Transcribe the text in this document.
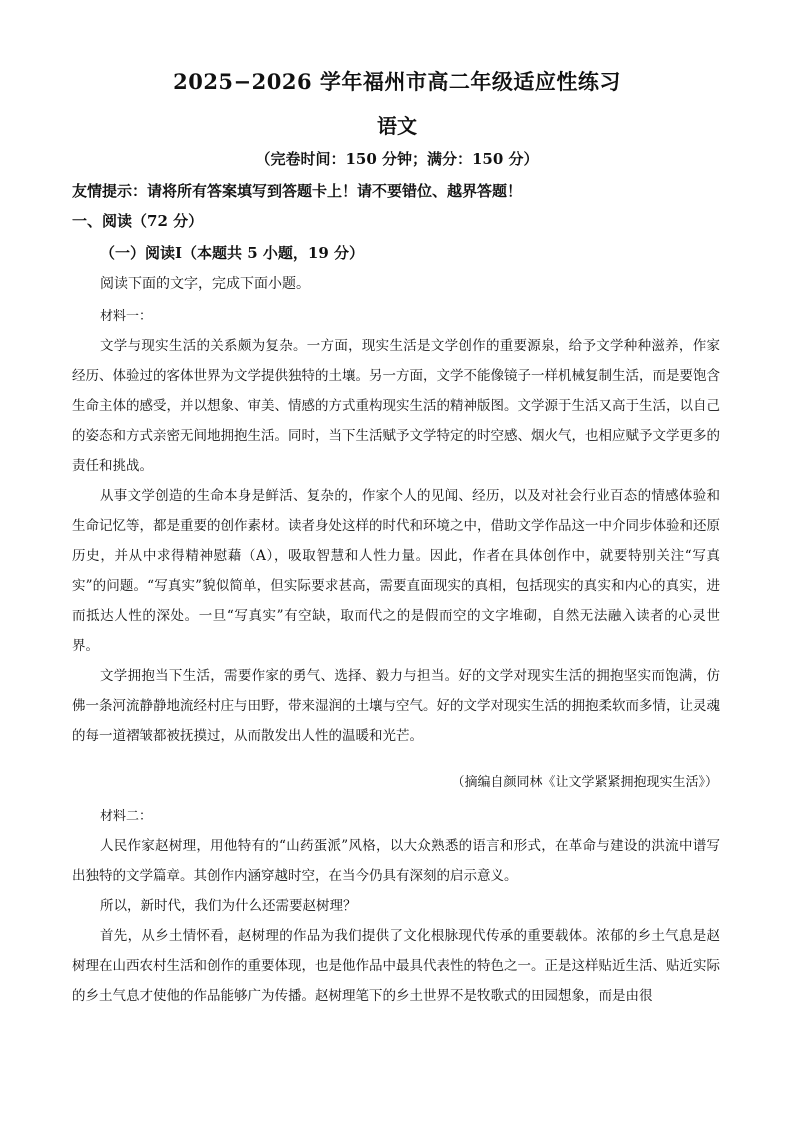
2025−2026 学年福州市高二年级适应性练习
语文
（完卷时间：150 分钟；满分：150 分）
友情提示：请将所有答案填写到答题卡上！请不要错位、越界答题！
一、阅读（72 分）
（一）阅读Ⅰ（本题共 5 小题，19 分）
阅读下面的文字，完成下面小题。
材料一：

文学与现实生活的关系颇为复杂。一方面，现实生活是文学创作的重要源泉，给予文学种种滋养，作家经历、体验过的客体世界为文学提供独特的土壤。另一方面，文学不能像镜子一样机械复制生活，而是要饱含生命主体的感受，并以想象、审美、情感的方式重构现实生活的精神版图。文学源于生活又高于生活，以自己的姿态和方式亲密无间地拥抱生活。同时，当下生活赋予文学特定的时空感、烟火气，也相应赋予文学更多的责任和挑战。

从事文学创造的生命本身是鲜活、复杂的，作家个人的见闻、经历，以及对社会行业百态的情感体验和生命记忆等，都是重要的创作素材。读者身处这样的时代和环境之中，借助文学作品这一中介同步体验和还原历史，并从中求得精神慰藉（A），吸取智慧和人性力量。因此，作者在具体创作中，就要特别关注“写真实”的问题。“写真实”貌似简单，但实际要求甚高，需要直面现实的真相，包括现实的真实和内心的真实，进而抵达人性的深处。一旦“写真实”有空缺，取而代之的是假而空的文字堆砌，自然无法融入读者的心灵世界。

文学拥抱当下生活，需要作家的勇气、选择、毅力与担当。好的文学对现实生活的拥抱坚实而饱满，仿佛一条河流静静地流经村庄与田野，带来湿润的土壤与空气。好的文学对现实生活的拥抱柔软而多情，让灵魂的每一道褶皱都被抚摸过，从而散发出人性的温暖和光芒。

（摘编自颜同林《让文学紧紧拥抱现实生活》）
材料二：

人民作家赵树理，用他特有的“山药蛋派”风格，以大众熟悉的语言和形式，在革命与建设的洪流中谱写出独特的文学篇章。其创作内涵穿越时空，在当今仍具有深刻的启示意义。

所以，新时代，我们为什么还需要赵树理？

首先，从乡土情怀看，赵树理的作品为我们提供了文化根脉现代传承的重要载体。浓郁的乡土气息是赵树理在山西农村生活和创作的重要体现，也是他作品中最具代表性的特色之一。正是这样贴近生活、贴近实际的乡土气息才使他的作品能够广为传播。赵树理笔下的乡土世界不是牧歌式的田园想象，而是由很
